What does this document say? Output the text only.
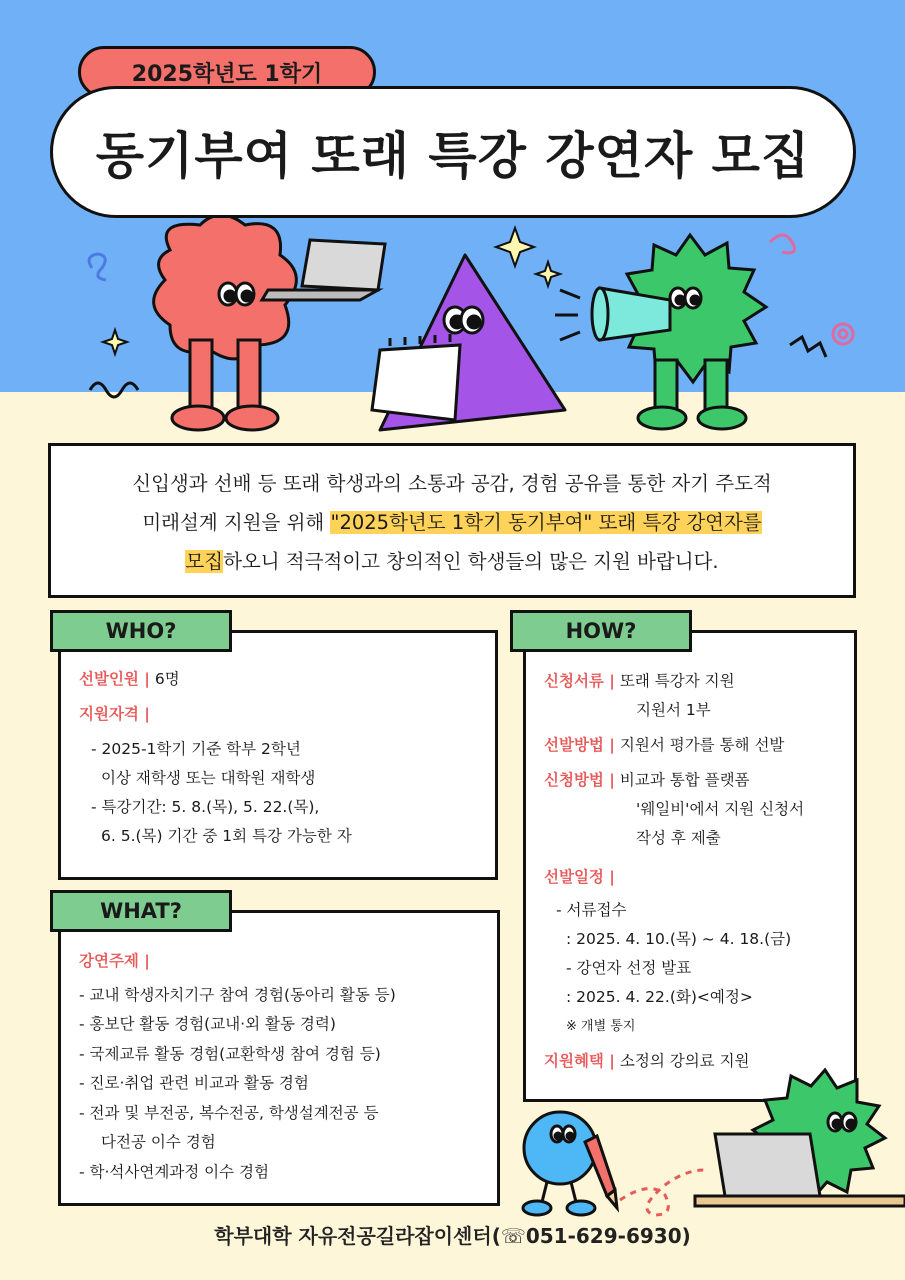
2025학년도 1학기
동기부여 또래 특강 강연자 모집
신입생과 선배 등 또래 학생과의 소통과 공감, 경험 공유를 통한 자기 주도적
미래설계 지원을 위해 "2025학년도 1학기 동기부여" 또래 특강 강연자를
모집하오니 적극적이고 창의적인 학생들의 많은 지원 바랍니다.
WHO?
선발인원 |
6명
지원자격 |
- 2025-1학기 기준 학부 2학년
이상 재학생 또는 대학원 재학생
- 특강기간: 5. 8.(목), 5. 22.(목),
6. 5.(목) 기간 중 1회 특강 가능한 자
WHAT?
강연주제 |
- 교내 학생자치기구 참여 경험(동아리 활동 등)
- 홍보단 활동 경험(교내·외 활동 경력)
- 국제교류 활동 경험(교환학생 참여 경험 등)
- 진로·취업 관련 비교과 활동 경험
- 전과 및 부전공, 복수전공, 학생설계전공 등
다전공 이수 경험
- 학·석사연계과정 이수 경험
HOW?
신청서류 |
또래 특강자 지원
지원서 1부
선발방법 |
지원서 평가를 통해 선발
신청방법 |
비교과 통합 플랫폼
'웨일비'에서 지원 신청서
작성 후 제출
선발일정 |
- 서류접수
: 2025. 4. 10.(목) ~ 4. 18.(금)
- 강연자 선정 발표
: 2025. 4. 22.(화)<예정>
※ 개별 통지
지원혜택 |
소정의 강의료 지원
학부대학 자유전공길라잡이센터(☏051-629-6930)
